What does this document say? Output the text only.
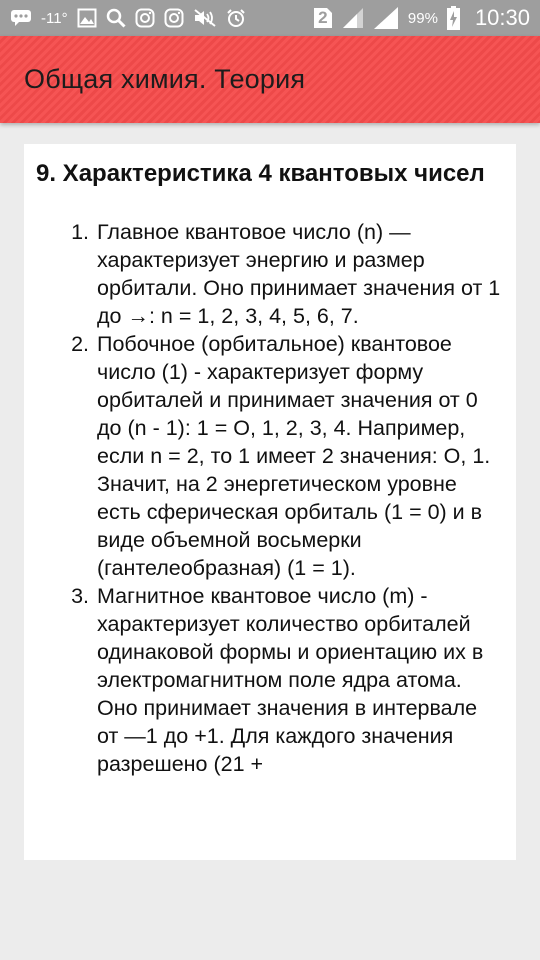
-11°	2	99% 10:30
Общая химия. Теория
9. Характеристика 4 квантовых чисел
1. Главное квантовое число (n) — характеризует энергию и размер орбитали. Оно принимает значения от 1 до →: n = 1, 2, 3, 4, 5, 6, 7.
2. Побочное (орбитальное) квантовое число (1) - характеризует форму орбиталей и принимает значения от 0 до (n - 1): 1 = O, 1, 2, 3, 4. Например, если n = 2, то 1 имеет 2 значения: O, 1. Значит, на 2 энергетическом уровне есть сферическая орбиталь (1 = 0) и в виде объемной восьмерки (гантелеобразная) (1 = 1).
3. Магнитное квантовое число (m) - характеризует количество орбиталей одинаковой формы и ориентацию их в электромагнитном поле ядра атома. Оно принимает значения в интервале от —1 до +1. Для каждого значения разрешено (21 +
